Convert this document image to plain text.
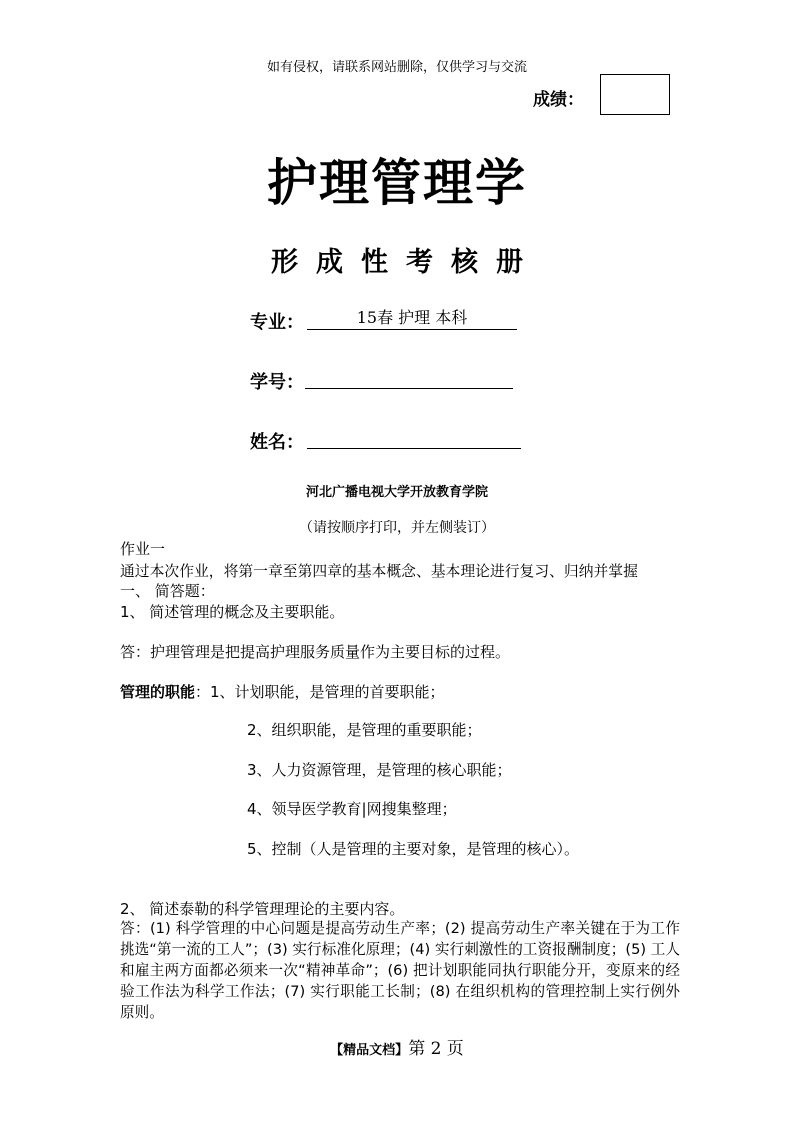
如有侵权，请联系网站删除，仅供学习与交流
成绩：
护理管理学
形成性考核册
专业：	15春 护理 本科
学号：
姓名：
河北广播电视大学开放教育学院
（请按顺序打印，并左侧装订）
作业一
通过本次作业，将第一章至第四章的基本概念、基本理论进行复习、归纳并掌握
一、 简答题：
1、 简述管理的概念及主要职能。
答：护理管理是把提高护理服务质量作为主要目标的过程。
管理的职能：1、计划职能，是管理的首要职能；
2、组织职能，是管理的重要职能；
3、人力资源管理，是管理的核心职能；
4、领导医学教育|网搜集整理；
5、控制（人是管理的主要对象，是管理的核心）。
2、 简述泰勒的科学管理理论的主要内容。
答：(1) 科学管理的中心问题是提高劳动生产率；(2) 提高劳动生产率关键在于为工作挑选“第一流的工人”；(3) 实行标准化原理；(4) 实行刺激性的工资报酬制度；(5) 工人和雇主两方面都必须来一次“精神革命”；(6) 把计划职能同执行职能分开，变原来的经验工作法为科学工作法；(7) 实行职能工长制；(8) 在组织机构的管理控制上实行例外原则。
【精品文档】第 2 页
